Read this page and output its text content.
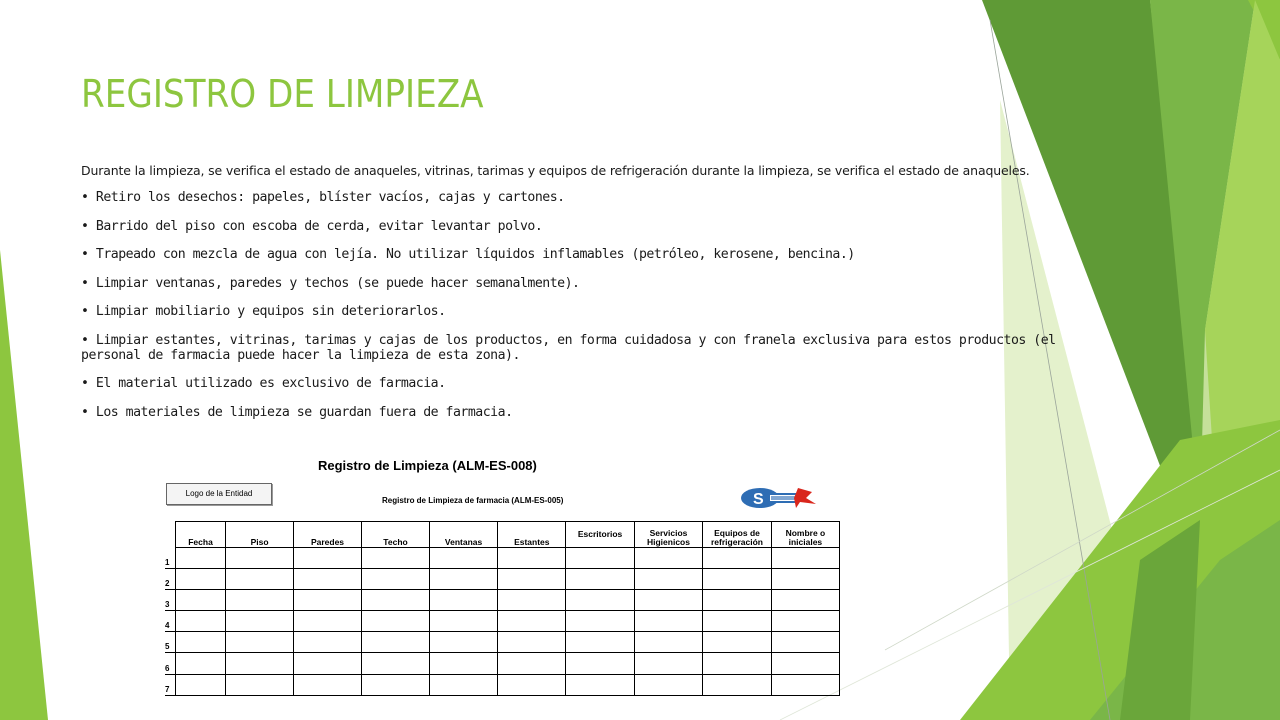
REGISTRO DE LIMPIEZA

Durante la limpieza, se verifica el estado de anaqueles, vitrinas, tarimas y equipos de refrigeración durante la limpieza, se verifica el estado de anaqueles.

• Retiro los desechos: papeles, blíster vacíos, cajas y cartones.
• Barrido del piso con escoba de cerda, evitar levantar polvo.
• Trapeado con mezcla de agua con lejía. No utilizar líquidos inflamables (petróleo, kerosene, bencina.)
• Limpiar ventanas, paredes y techos (se puede hacer semanalmente).
• Limpiar mobiliario y equipos sin deteriorarlos.
• Limpiar estantes, vitrinas, tarimas y cajas de los productos, en forma cuidadosa y con franela exclusiva para estos productos (el personal de farmacia puede hacer la limpieza de esta zona).
• El material utilizado es exclusivo de farmacia.
• Los materiales de limpieza se guardan fuera de farmacia.

Registro de Limpieza (ALM-ES-008)

Logo de la Entidad

Registro de Limpieza de farmacia (ALM-ES-005)	S
	Fecha	Piso	Paredes	Techo	Ventanas	Estantes	Escritorios	Servicios Higienicos	Equipos de refrigeración	Nombre o iniciales
1										
2										
3										
4										
5										
6										
7										
